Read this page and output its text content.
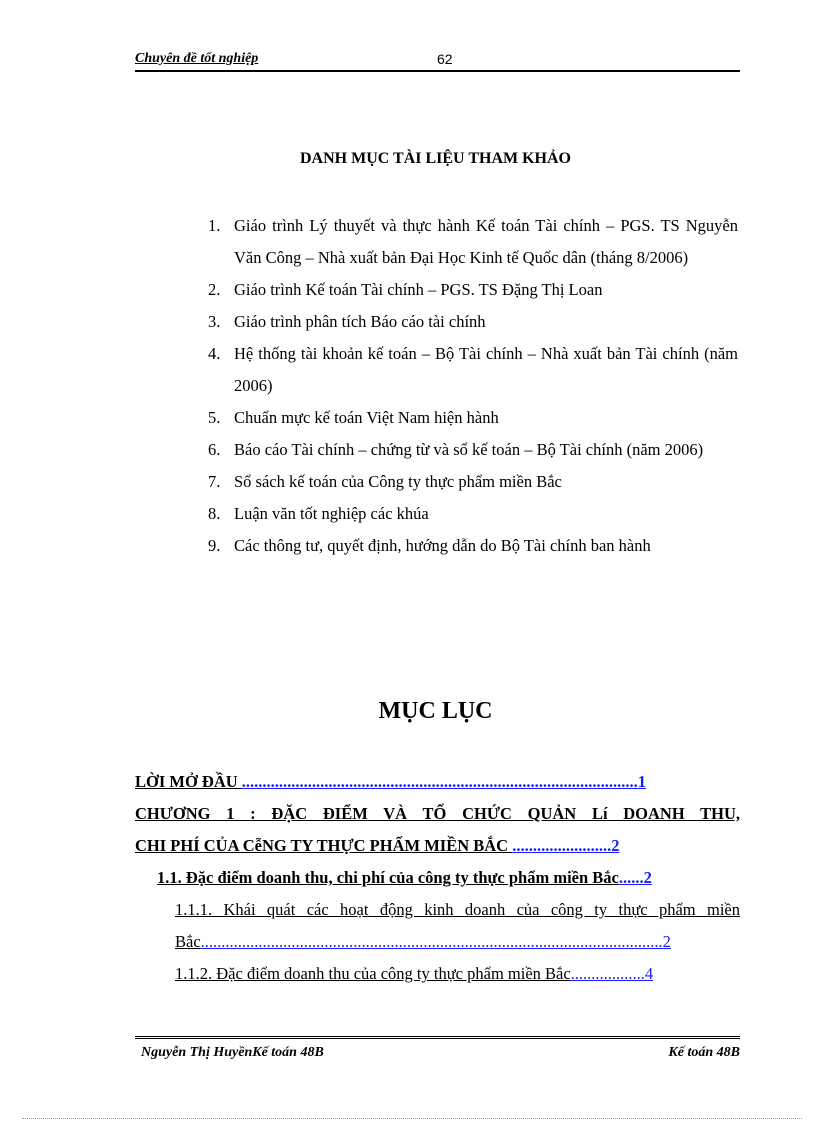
Chuyên đề tốt nghiệp	62
DANH MỤC TÀI LIỆU THAM KHẢO
1. Giáo trình Lý thuyết và thực hành Kế toán Tài chính – PGS. TS Nguyễn Văn Công – Nhà xuất bản Đại Học Kinh tế Quốc dân (tháng 8/2006)
2. Giáo trình Kế toán Tài chính – PGS. TS Đặng Thị Loan
3. Giáo trình phân tích Báo cáo tài chính
4. Hệ thống tài khoản kế toán – Bộ Tài chính – Nhà xuất bản Tài chính (năm 2006)
5. Chuẩn mực kế toán Việt Nam hiện hành
6. Báo cáo Tài chính – chứng từ và sổ kế toán – Bộ Tài chính (năm 2006)
7. Sổ sách kế toán của Công ty thực phẩm miền Bắc
8. Luận văn tốt nghiệp các khúa
9. Các thông tư, quyết định, hướng dẫn do Bộ Tài chính ban hành
MỤC LỤC
LỜI MỞ ĐẦU ................................................................................................1
CHƯƠNG 1 : ĐẶC ĐIỂM VÀ TỔ CHỨC QUẢN Lí DOANH THU,
CHI PHÍ CỦA CễNG TY THỰC PHẨM MIỀN BẮC ........................2
1.1. Đặc điểm doanh thu, chi phí của công ty thực phẩm miền Bắc......2
1.1.1. Khái quát các hoạt động kinh doanh của công ty thực phẩm miền
Bắc................................................................................................................2
1.1.2. Đặc điểm doanh thu của công ty thực phẩm miền Bắc..................4
Nguyễn Thị HuyềnKế toán 48B	Kế toán 48B
